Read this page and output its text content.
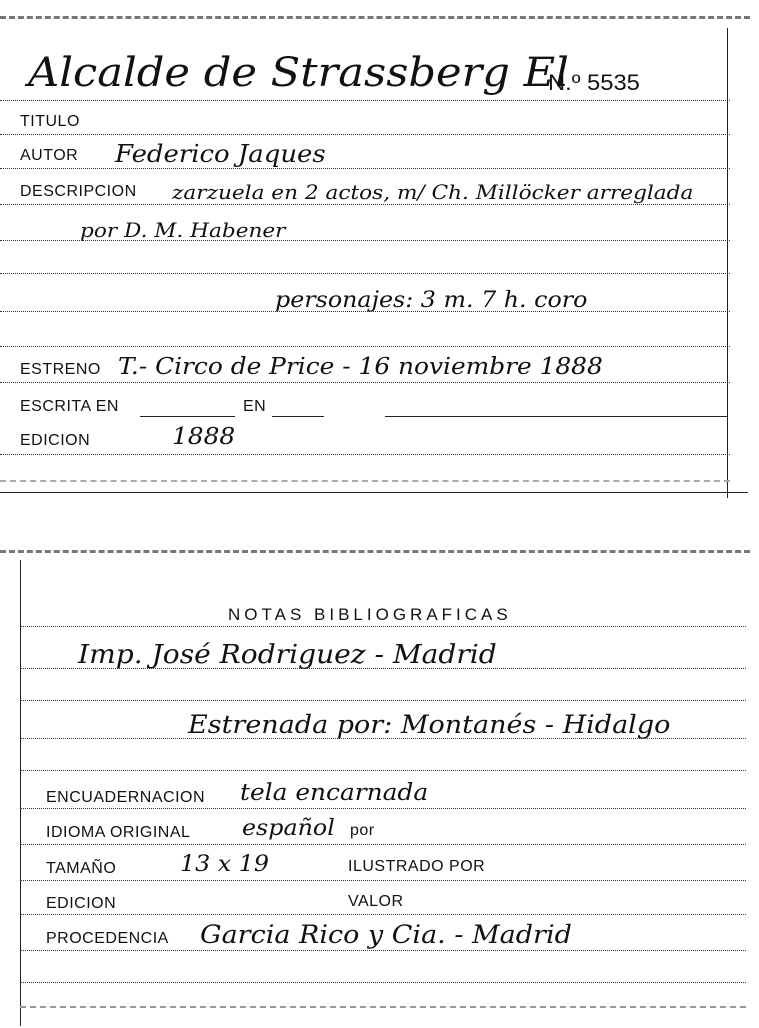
Alcalde de Strassberg El
N.º 5535
TITULO
AUTOR Federico Jaques
DESCRIPCION zarzuela en 2 actos, m/ Ch. Millöcker arreglada
por D. M. Habener
personajes: 3 m. 7 h. coro
ESTRENO T.- Circo de Price - 16 noviembre 1888
ESCRITA EN	EN
EDICION	1888
NOTAS BIBLIOGRAFICAS
Imp. José Rodriguez - Madrid
Estrenada por: Montanés - Hidalgo
ENCUADERNACION tela encarnada
IDIOMA ORIGINAL español por
TAMAÑO	13 x 19	ILUSTRADO POR
EDICION	VALOR
PROCEDENCIA Garcia Rico y Cia. - Madrid
